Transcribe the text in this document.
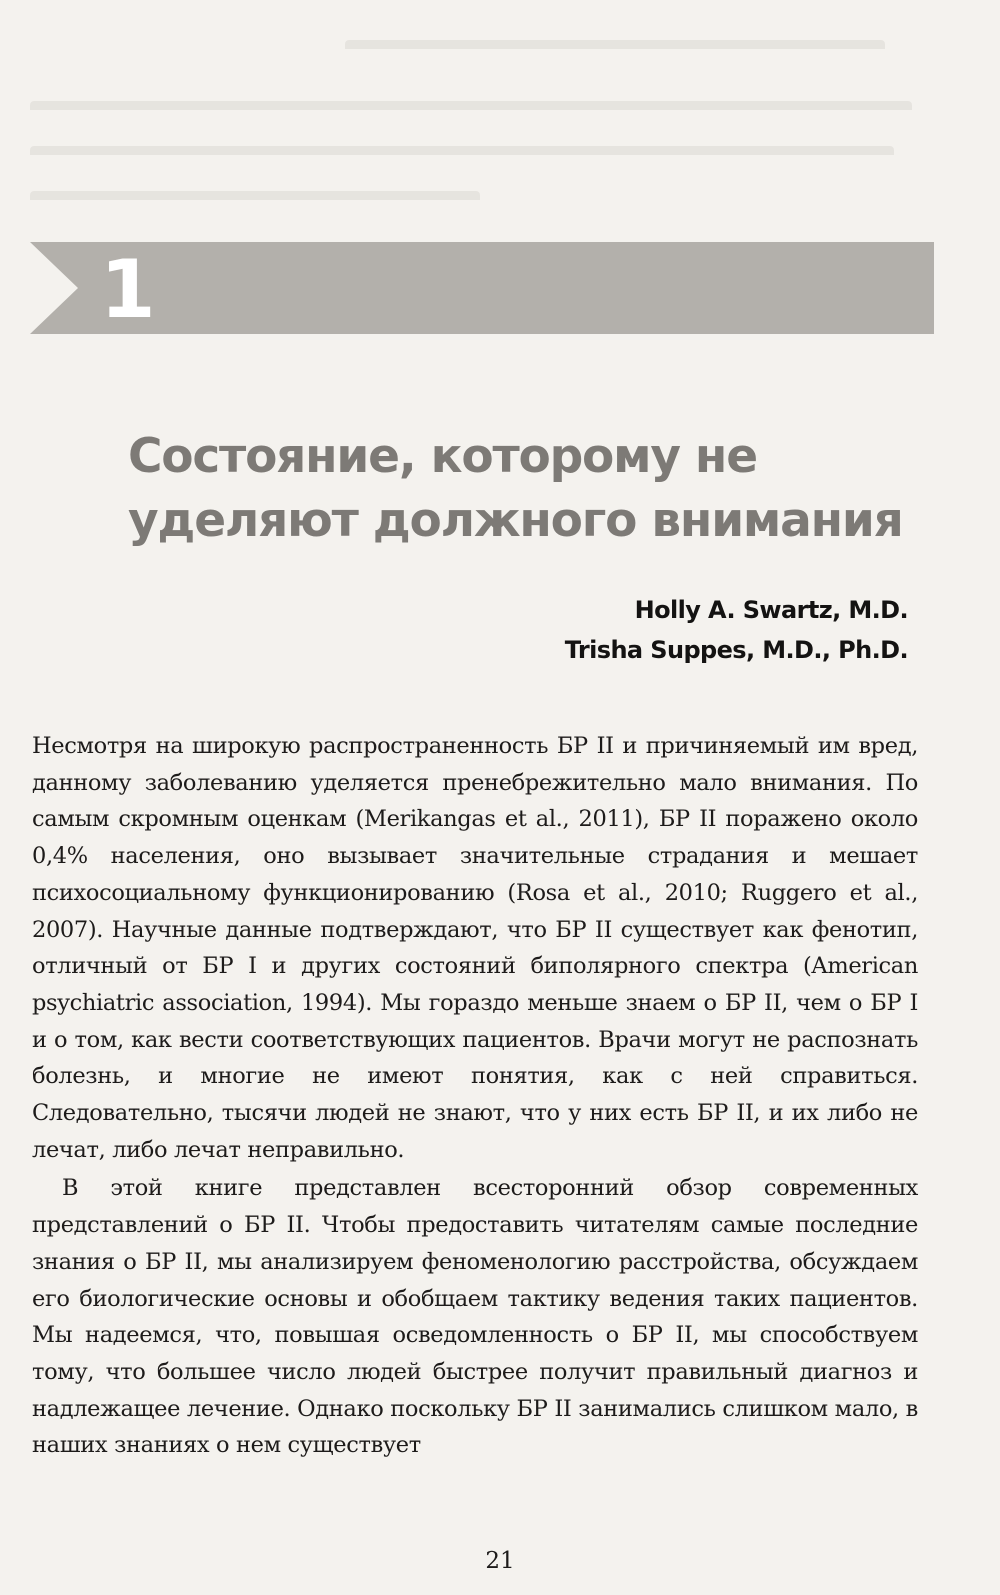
1
Состояние, которому не уделяют должного внимания
Holly A. Swartz, M.D.
Trisha Suppes, M.D., Ph.D.

Несмотря на широкую распространенность БР II и причиняемый им вред, данному заболеванию уделяется пренебрежительно мало внимания. По самым скромным оценкам (Merikangas et al., 2011), БР II поражено около 0,4% населения, оно вызывает значительные страдания и мешает психосоциальному функционированию (Rosa et al., 2010; Ruggero et al., 2007). Научные данные подтверждают, что БР II существует как фенотип, отличный от БР I и других состояний биполярного спектра (American psychiatric association, 1994). Мы гораздо меньше знаем о БР II, чем о БР I и о том, как вести соответствующих пациентов. Врачи могут не распознать болезнь, и многие не имеют понятия, как с ней справиться. Следовательно, тысячи людей не знают, что у них есть БР II, и их либо не лечат, либо лечат неправильно.

В этой книге представлен всесторонний обзор современных представлений о БР II. Чтобы предоставить читателям самые последние знания о БР II, мы анализируем феноменологию расстройства, обсуждаем его биологические основы и обобщаем тактику ведения таких пациентов. Мы надеемся, что, повышая осведомленность о БР II, мы способствуем тому, что большее число людей быстрее получит правильный диагноз и надлежащее лечение. Однако поскольку БР II занимались слишком мало, в наших знаниях о нем существует

21
